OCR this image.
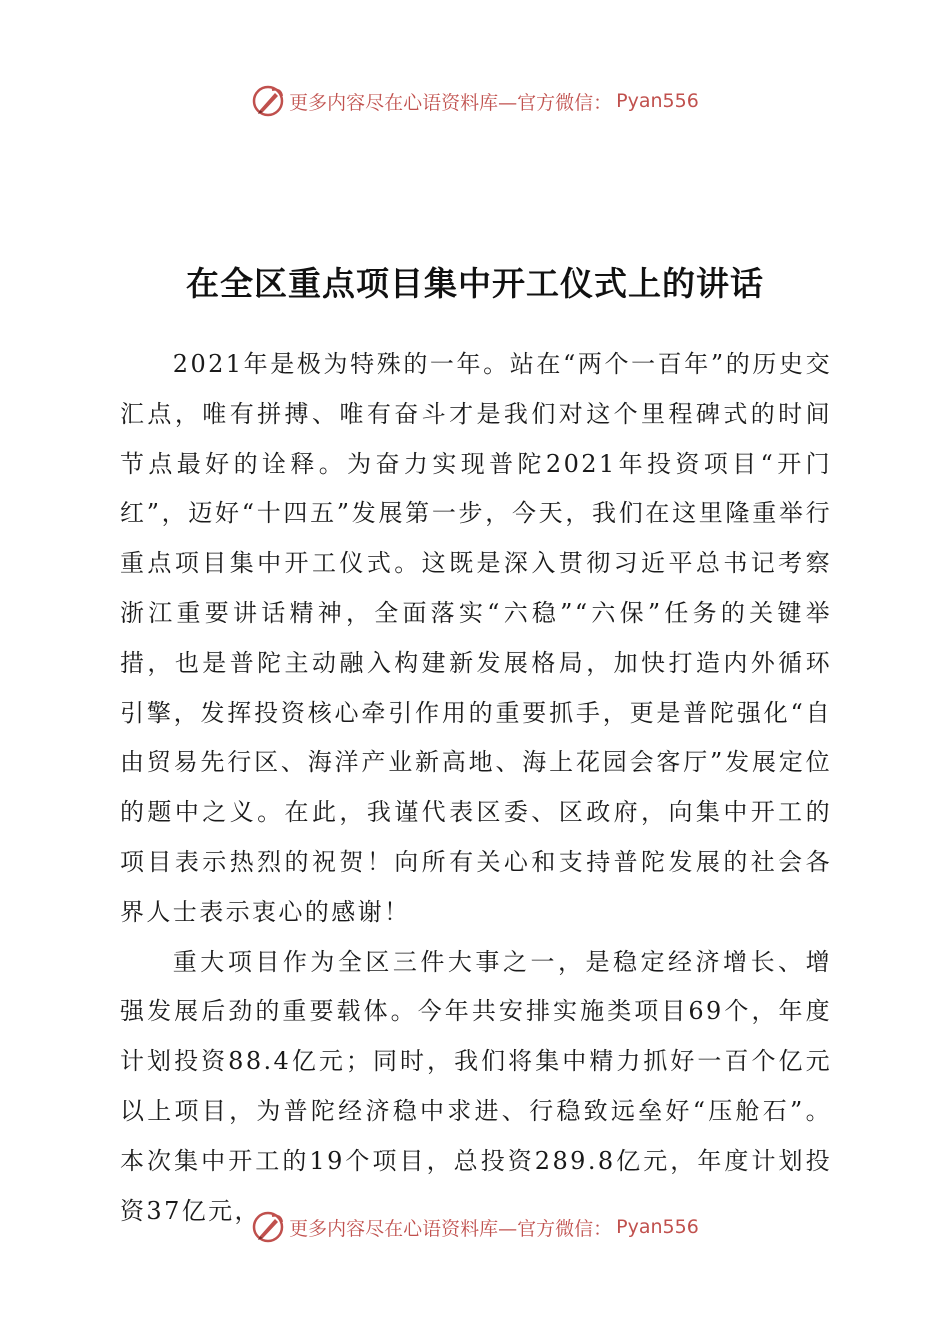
更多内容尽在心语资料库—官方微信： Pyan556
在全区重点项目集中开工仪式上的讲话

2021年是极为特殊的一年。站在“两个一百年”的历史交汇点，唯有拼搏、唯有奋斗才是我们对这个里程碑式的时间节点最好的诠释。为奋力实现普陀2021年投资项目“开门红”，迈好“十四五”发展第一步，今天，我们在这里隆重举行重点项目集中开工仪式。这既是深入贯彻习近平总书记考察浙江重要讲话精神，全面落实“六稳”“六保”任务的关键举措，也是普陀主动融入构建新发展格局，加快打造内外循环引擎，发挥投资核心牵引作用的重要抓手，更是普陀强化“自由贸易先行区、海洋产业新高地、海上花园会客厅”发展定位的题中之义。在此，我谨代表区委、区政府，向集中开工的项目表示热烈的祝贺！向所有关心和支持普陀发展的社会各界人士表示衷心的感谢！

重大项目作为全区三件大事之一，是稳定经济增长、增强发展后劲的重要载体。今年共安排实施类项目69个，年度计划投资88.4亿元；同时，我们将集中精力抓好一百个亿元以上项目，为普陀经济稳中求进、行稳致远垒好“压舱石”。本次集中开工的19个项目，总投资289.8亿元，年度计划投资37亿元，

更多内容尽在心语资料库—官方微信： Pyan556
